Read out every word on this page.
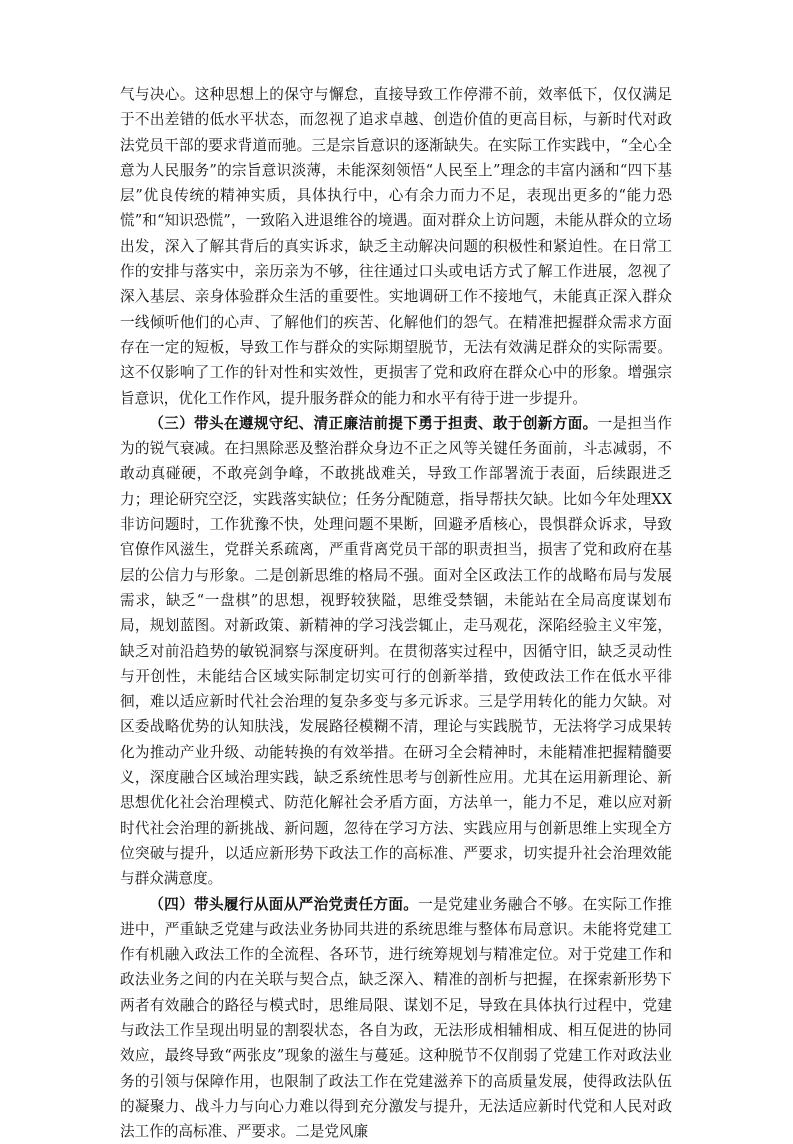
气与决心。这种思想上的保守与懈怠，直接导致工作停滞不前，效率低下，仅仅满足于不出差错的低水平状态，而忽视了追求卓越、创造价值的更高目标，与新时代对政法党员干部的要求背道而驰。三是宗旨意识的逐渐缺失。在实际工作实践中，“全心全意为人民服务”的宗旨意识淡薄，未能深刻领悟“人民至上”理念的丰富内涵和“四下基层”优良传统的精神实质，具体执行中，心有余力而力不足，表现出更多的“能力恐慌”和“知识恐慌”，一致陷入进退维谷的境遇。面对群众上访问题，未能从群众的立场出发，深入了解其背后的真实诉求，缺乏主动解决问题的积极性和紧迫性。在日常工作的安排与落实中，亲历亲为不够，往往通过口头或电话方式了解工作进展，忽视了深入基层、亲身体验群众生活的重要性。实地调研工作不接地气，未能真正深入群众一线倾听他们的心声、了解他们的疾苦、化解他们的怨气。在精准把握群众需求方面存在一定的短板，导致工作与群众的实际期望脱节，无法有效满足群众的实际需要。这不仅影响了工作的针对性和实效性，更损害了党和政府在群众心中的形象。增强宗旨意识，优化工作作风，提升服务群众的能力和水平有待于进一步提升。

（三）带头在遵规守纪、清正廉洁前提下勇于担责、敢于创新方面。一是担当作为的锐气衰减。在扫黑除恶及整治群众身边不正之风等关键任务面前，斗志减弱，不敢动真碰硬，不敢亮剑争峰，不敢挑战难关，导致工作部署流于表面，后续跟进乏力；理论研究空泛，实践落实缺位；任务分配随意，指导帮扶欠缺。比如今年处理XX非访问题时，工作犹豫不快，处理问题不果断，回避矛盾核心，畏惧群众诉求，导致官僚作风滋生，党群关系疏离，严重背离党员干部的职责担当，损害了党和政府在基层的公信力与形象。二是创新思维的格局不强。面对全区政法工作的战略布局与发展需求，缺乏“一盘棋”的思想，视野较狭隘，思维受禁锢，未能站在全局高度谋划布局，规划蓝图。对新政策、新精神的学习浅尝辄止，走马观花，深陷经验主义牢笼，缺乏对前沿趋势的敏锐洞察与深度研判。在贯彻落实过程中，因循守旧，缺乏灵动性与开创性，未能结合区域实际制定切实可行的创新举措，致使政法工作在低水平徘徊，难以适应新时代社会治理的复杂多变与多元诉求。三是学用转化的能力欠缺。对区委战略优势的认知肤浅，发展路径模糊不清，理论与实践脱节，无法将学习成果转化为推动产业升级、动能转换的有效举措。在研习全会精神时，未能精准把握精髓要义，深度融合区域治理实践，缺乏系统性思考与创新性应用。尤其在运用新理论、新思想优化社会治理模式、防范化解社会矛盾方面，方法单一，能力不足，难以应对新时代社会治理的新挑战、新问题，忽待在学习方法、实践应用与创新思维上实现全方位突破与提升，以适应新形势下政法工作的高标准、严要求，切实提升社会治理效能与群众满意度。

（四）带头履行从面从严治党责任方面。一是党建业务融合不够。在实际工作推进中，严重缺乏党建与政法业务协同共进的系统思维与整体布局意识。未能将党建工作有机融入政法工作的全流程、各环节，进行统筹规划与精准定位。对于党建工作和政法业务之间的内在关联与契合点，缺乏深入、精准的剖析与把握，在探索新形势下两者有效融合的路径与模式时，思维局限、谋划不足，导致在具体执行过程中，党建与政法工作呈现出明显的割裂状态，各自为政，无法形成相辅相成、相互促进的协同效应，最终导致“两张皮”现象的滋生与蔓延。这种脱节不仅削弱了党建工作对政法业务的引领与保障作用，也限制了政法工作在党建滋养下的高质量发展，使得政法队伍的凝聚力、战斗力与向心力难以得到充分激发与提升，无法适应新时代党和人民对政法工作的高标准、严要求。二是党风廉
